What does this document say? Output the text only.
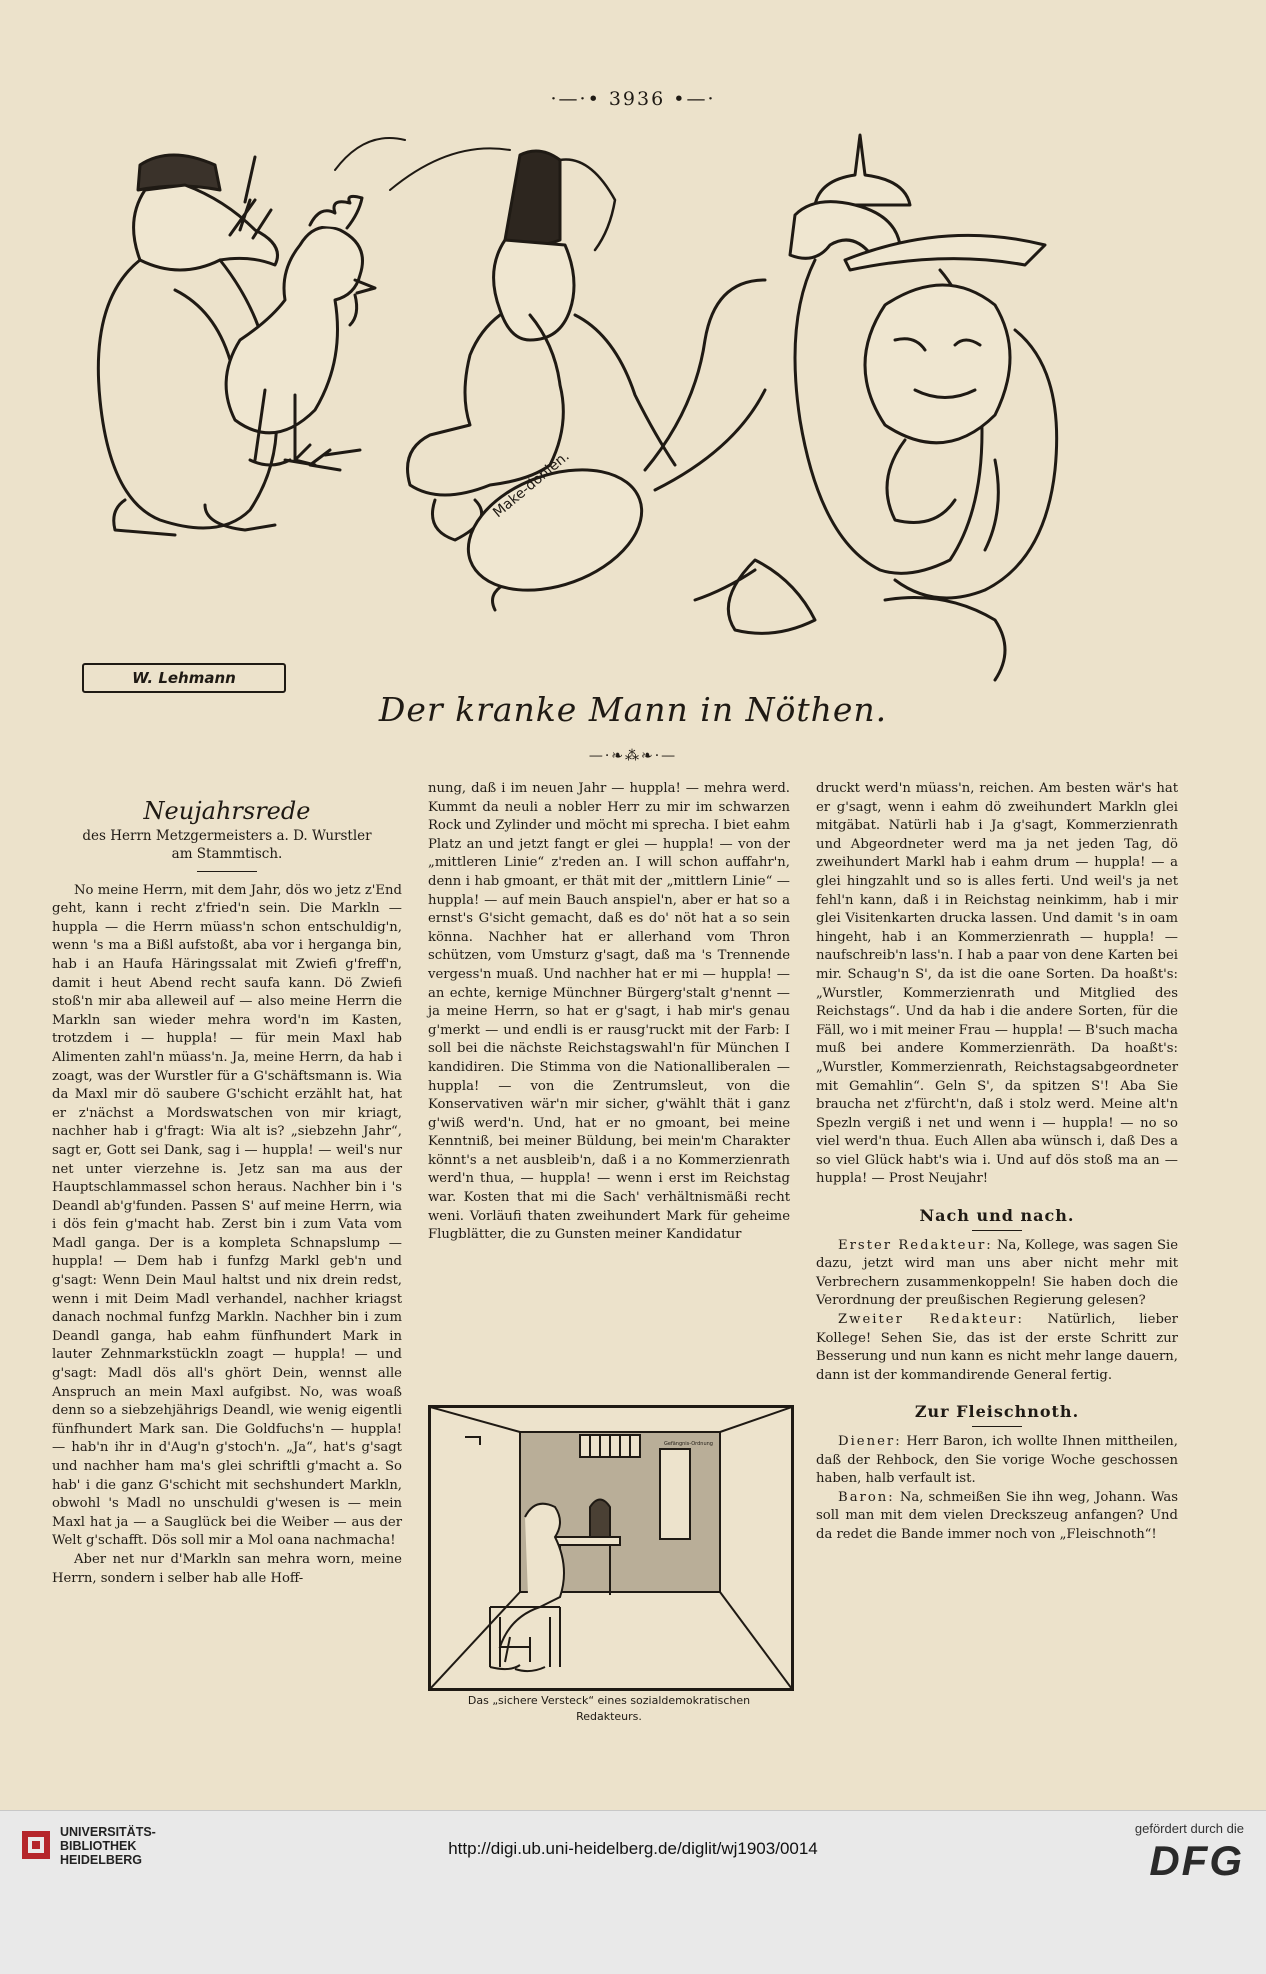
·—·• 3936 •—·
Make-donien.
W. Lehmann
Der kranke Mann in Nöthen.
—·❧⁂❧·—
Neujahrsrede

des Herrn Metzgermeisters a. D. Wurstler

am Stammtisch.

No meine Herrn, mit dem Jahr, dös wo jetz z'End geht, kann i recht z'fried'n sein. Die Markln — huppla — die Herrn müass'n schon entschuldig'n, wenn 's ma a Bißl aufstoßt, aba vor i herganga bin, hab i an Haufa Häringssalat mit Zwiefi g'freff'n, damit i heut Abend recht saufa kann. Dö Zwiefi stoß'n mir aba alleweil auf — also meine Herrn die Markln san wieder mehra word'n im Kasten, trotzdem i — huppla! — für mein Maxl hab Alimenten zahl'n müass'n. Ja, meine Herrn, da hab i zoagt, was der Wurstler für a G'schäftsmann is. Wia da Maxl mir dö saubere G'schicht erzählt hat, hat er z'nächst a Mordswatschen von mir kriagt, nachher hab i g'fragt: Wia alt is? „siebzehn Jahr“, sagt er, Gott sei Dank, sag i — huppla! — weil's nur net unter vierzehne is. Jetz san ma aus der Hauptschlammassel schon heraus. Nachher bin i 's Deandl ab'g'funden. Passen S' auf meine Herrn, wia i dös fein g'macht hab. Zerst bin i zum Vata vom Madl ganga. Der is a kompleta Schnapslump — huppla! — Dem hab i funfzg Markl geb'n und g'sagt: Wenn Dein Maul haltst und nix drein redst, wenn i mit Deim Madl verhandel, nachher kriagst danach nochmal funfzg Markln. Nachher bin i zum Deandl ganga, hab eahm fünfhundert Mark in lauter Zehnmarkstückln zoagt — huppla! — und g'sagt: Madl dös all's ghört Dein, wennst alle Anspruch an mein Maxl aufgibst. No, was woaß denn so a siebzehjährigs Deandl, wie wenig eigentli fünfhundert Mark san. Die Goldfuchs'n — huppla! — hab'n ihr in d'Aug'n g'stoch'n. „Ja“, hat's g'sagt und nachher ham ma's glei schriftli g'macht a. So hab' i die ganz G'schicht mit sechshundert Markln, obwohl 's Madl no unschuldi g'wesen is — mein Maxl hat ja — a Sauglück bei die Weiber — aus der Welt g'schafft. Dös soll mir a Mol oana nachmacha!

Aber net nur d'Markln san mehra worn, meine Herrn, sondern i selber hab alle Hoff-

nung, daß i im neuen Jahr — huppla! — mehra werd. Kummt da neuli a nobler Herr zu mir im schwarzen Rock und Zylinder und möcht mi sprecha. I biet eahm Platz an und jetzt fangt er glei — huppla! — von der „mittleren Linie“ z'reden an. I will schon auffahr'n, denn i hab gmoant, er thät mit der „mittlern Linie“ — huppla! — auf mein Bauch anspiel'n, aber er hat so a ernst's G'sicht gemacht, daß es do' nöt hat a so sein könna. Nachher hat er allerhand vom Thron schützen, vom Umsturz g'sagt, daß ma 's Trennende vergess'n muaß. Und nachher hat er mi — huppla! — an echte, kernige Münchner Bürgerg'stalt g'nennt — ja meine Herrn, so hat er g'sagt, i hab mir's genau g'merkt — und endli is er rausg'ruckt mit der Farb: I soll bei die nächste Reichstagswahl'n für München I kandidiren. Die Stimma von die Nationalliberalen — huppla! — von die Zentrumsleut, von die Konservativen wär'n mir sicher, g'wählt thät i ganz g'wiß werd'n. Und, hat er no gmoant, bei meine Kenntniß, bei meiner Büldung, bei mein'm Charakter könnt's a net ausbleib'n, daß i a no Kommerzienrath werd'n thua, — huppla! — wenn i erst im Reichstag war. Kosten that mi die Sach' verhältnismäßi recht weni. Vorläufi thaten zweihundert Mark für geheime Flugblätter, die zu Gunsten meiner Kandidatur

Gefängnis-Ordnung
Das „sichere Versteck“ eines sozialdemokratischen
Redakteurs.

druckt werd'n müass'n, reichen. Am besten wär's hat er g'sagt, wenn i eahm dö zweihundert Markln glei mitgäbat. Natürli hab i Ja g'sagt, Kommerzienrath und Abgeordneter werd ma ja net jeden Tag, dö zweihundert Markl hab i eahm drum — huppla! — a glei hingzahlt und so is alles ferti. Und weil's ja net fehl'n kann, daß i in Reichstag neinkimm, hab i mir glei Visitenkarten drucka lassen. Und damit 's in oam hingeht, hab i an Kommerzienrath — huppla! — naufschreib'n lass'n. I hab a paar von dene Karten bei mir. Schaug'n S', da ist die oane Sorten. Da hoaßt's: „Wurstler, Kommerzienrath und Mitglied des Reichstags“. Und da hab i die andere Sorten, für die Fäll, wo i mit meiner Frau — huppla! — B'such macha muß bei andere Kommerzienräth. Da hoaßt's: „Wurstler, Kommerzienrath, Reichstagsabgeordneter mit Gemahlin“. Geln S', da spitzen S'! Aba Sie braucha net z'fürcht'n, daß i stolz werd. Meine alt'n Spezln vergiß i net und wenn i — huppla! — no so viel werd'n thua. Euch Allen aba wünsch i, daß Des a so viel Glück habt's wia i. Und auf dös stoß ma an — huppla! — Prost Neujahr!

Nach und nach.

Erster Redakteur: Na, Kollege, was sagen Sie dazu, jetzt wird man uns aber nicht mehr mit Verbrechern zusammenkoppeln! Sie haben doch die Verordnung der preußischen Regierung gelesen?

Zweiter Redakteur: Natürlich, lieber Kollege! Sehen Sie, das ist der erste Schritt zur Besserung und nun kann es nicht mehr lange dauern, dann ist der kommandirende General fertig.

Zur Fleischnoth.

Diener: Herr Baron, ich wollte Ihnen mittheilen, daß der Rehbock, den Sie vorige Woche geschossen haben, halb verfault ist.

Baron: Na, schmeißen Sie ihn weg, Johann. Was soll man mit dem vielen Dreckszeug anfangen? Und da redet die Bande immer noch von „Fleischnoth“!

UNIVERSITÄTS-
BIBLIOTHEK
HEIDELBERG
http://digi.ub.uni-heidelberg.de/diglit/wj1903/0014
gefördert durch die
DFG
